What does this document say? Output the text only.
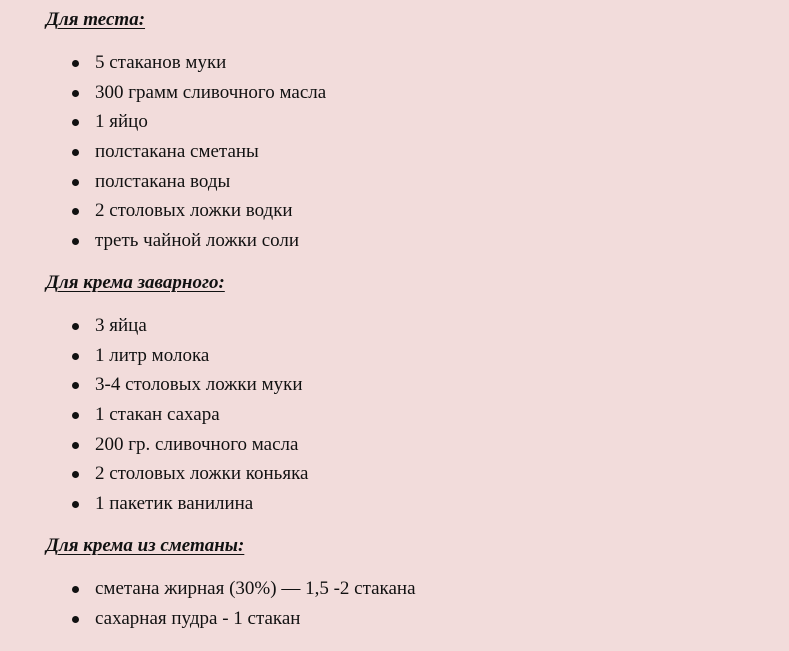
Для теста:
5 стаканов муки
300 грамм сливочного масла
1 яйцо
полстакана сметаны
полстакана воды
2 столовых ложки водки
треть чайной ложки соли
Для крема заварного:
3 яйца
1 литр молока
3-4 столовых ложки муки
1 стакан сахара
200 гр. сливочного масла
2 столовых ложки коньяка
1 пакетик ванилина
Для крема из сметаны:
сметана жирная (30%) — 1,5 -2 стакана
сахарная пудра - 1 стакан
